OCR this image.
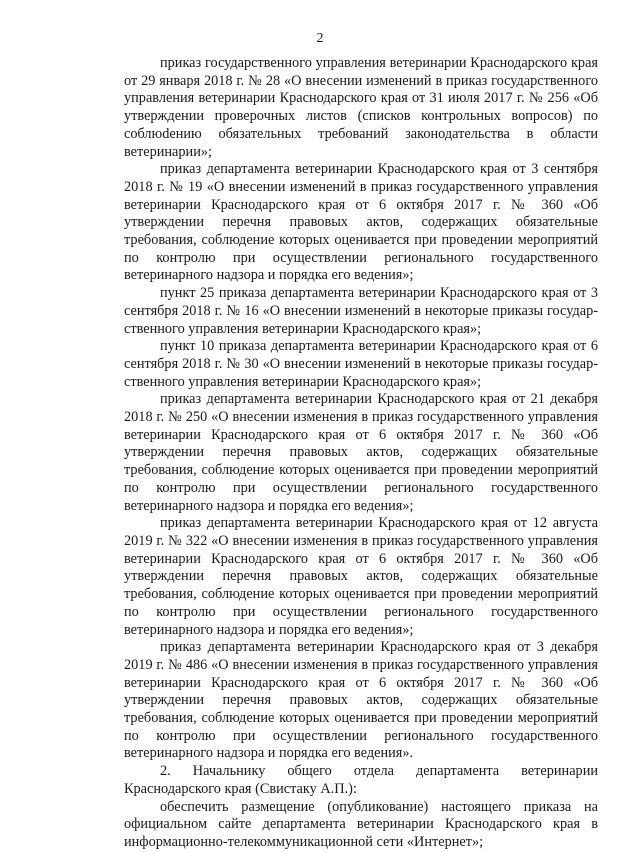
2

приказ государственного управления ветеринарии Краснодарского края от 29 января 2018 г. № 28 «О внесении изменений в приказ государственного управления ветеринарии Краснодарского края от 31 июля 2017 г. № 256 «Об утверждении проверочных листов (списков контрольных вопросов) по соблюdению обязательных требований законодательства в области ветеринарии»;

приказ департамента ветеринарии Краснодарского края от 3 сентября 2018 г. № 19 «О внесении изменений в приказ государственного управления ветеринарии Краснодарского края от 6 октября 2017 г. № 360 «Об утверждении перечня правовых актов, содержащих обязательные требования, соблюдение которых оценивается при проведении мероприятий по контролю при осуществлении регионального государственного ветеринарного надзора и порядка его ведения»;

пункт 25 приказа департамента ветеринарии Краснодарского края от 3 сентября 2018 г. № 16 «О внесении изменений в некоторые приказы государственного управления ветеринарии Краснодарского края»;

пункт 10 приказа департамента ветеринарии Краснодарского края от 6 сентября 2018 г. № 30 «О внесении изменений в некоторые приказы государственного управления ветеринарии Краснодарского края»;

приказ департамента ветеринарии Краснодарского края от 21 декабря 2018 г. № 250 «О внесении изменения в приказ государственного управления ветеринарии Краснодарского края от 6 октября 2017 г. № 360 «Об утверждении перечня правовых актов, содержащих обязательные требования, соблюдение которых оценивается при проведении мероприятий по контролю при осуществлении регионального государственного ветеринарного надзора и порядка его ведения»;

приказ департамента ветеринарии Краснодарского края от 12 августа 2019 г. № 322 «О внесении изменения в приказ государственного управления ветеринарии Краснодарского края от 6 октября 2017 г. № 360 «Об утверждении перечня правовых актов, содержащих обязательные требования, соблюдение которых оценивается при проведении мероприятий по контролю при осуществлении регионального государственного ветеринарного надзора и порядка его ведения»;

приказ департамента ветеринарии Краснодарского края от 3 декабря 2019 г. № 486 «О внесении изменения в приказ государственного управления ветеринарии Краснодарского края от 6 октября 2017 г. № 360 «Об утверждении перечня правовых актов, содержащих обязательные требования, соблюдение которых оценивается при проведении мероприятий по контролю при осуществлении регионального государственного ветеринарного надзора и порядка его ведения».

2. Начальнику общего отдела департамента ветеринарии Краснодарского края (Свистаку А.П.):

обеспечить размещение (опубликование) настоящего приказа на официальном сайте департамента ветеринарии Краснодарского края в информационно-телекоммуникационной сети «Интернет»;
